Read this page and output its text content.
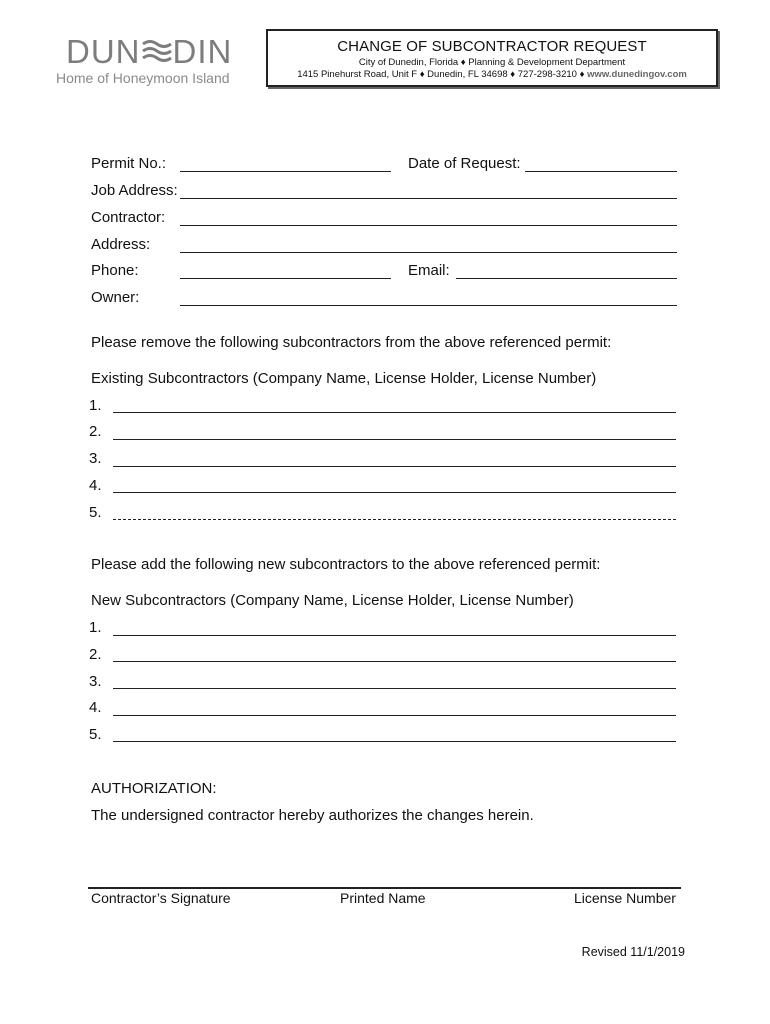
DUN DIN
Home of Honeymoon Island
CHANGE OF SUBCONTRACTOR REQUEST
City of Dunedin, Florida ♦ Planning & Development Department
1415 Pinehurst Road, Unit F ♦ Dunedin, FL 34698 ♦ 727-298-3210 ♦ www.dunedingov.com
Permit No.:	Date of Request:
Job Address:
Contractor:
Address:
Phone:	Email:
Owner:
Please remove the following subcontractors from the above referenced permit:
Existing Subcontractors (Company Name, License Holder, License Number)
1.
2.
3.
4.
5.
Please add the following new subcontractors to the above referenced permit:
New Subcontractors (Company Name, License Holder, License Number)
1.
2.
3.
4.
5.
AUTHORIZATION:
The undersigned contractor hereby authorizes the changes herein.
Contractor’s Signature	Printed Name	License Number
Revised 11/1/2019
